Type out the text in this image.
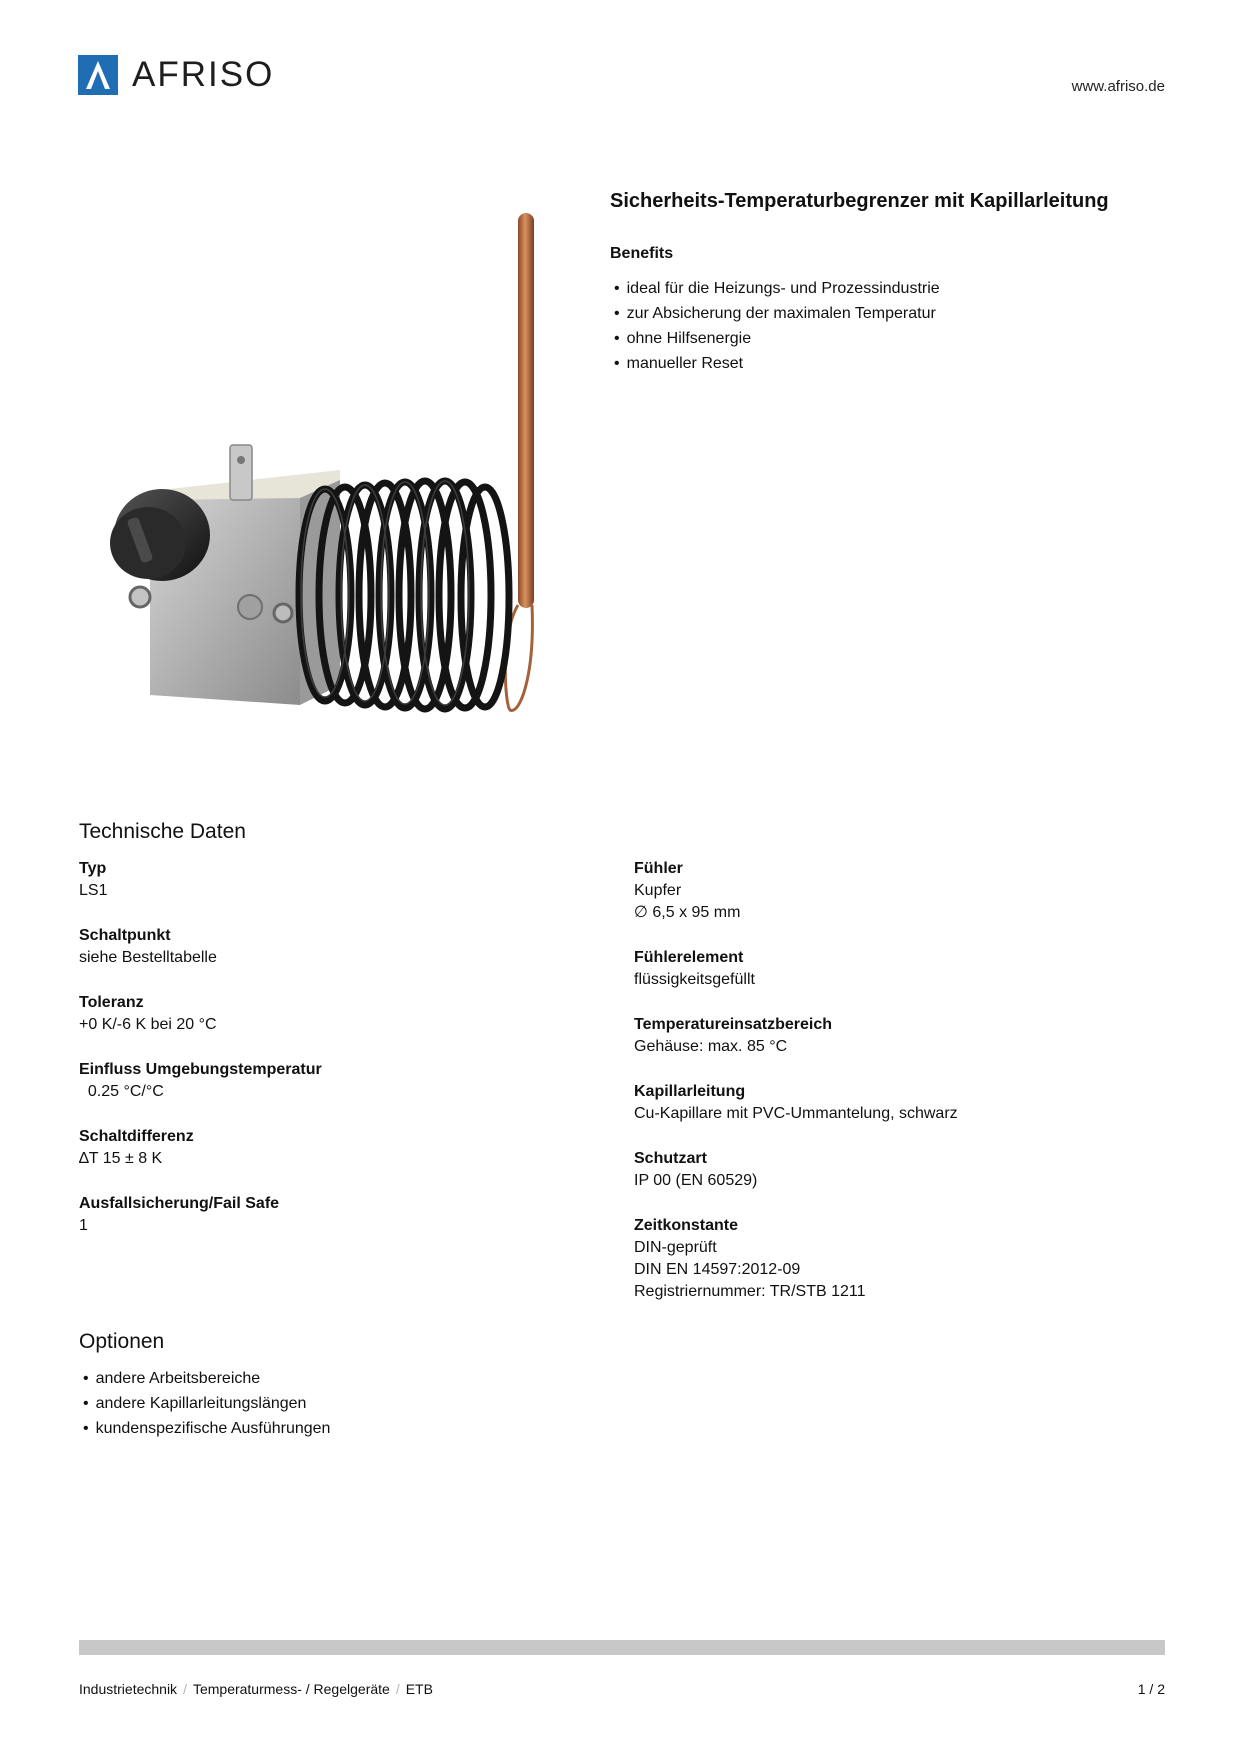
AFRISO	www.afriso.de
Sicherheits-Temperaturbegrenzer mit Kapillarleitung
Benefits
• ideal für die Heizungs- und Prozessindustrie
• zur Absicherung der maximalen Temperatur
• ohne Hilfsenergie
• manueller Reset
Technische Daten
Typ
LS1
Schaltpunkt
siehe Bestelltabelle
Toleranz
+0 K/-6 K bei 20 °C
Einfluss Umgebungstemperatur
0.25 °C/°C
Schaltdifferenz
∆T 15 ± 8 K
Ausfallsicherung/Fail Safe
1
Fühler
Kupfer
∅ 6,5 x 95 mm
Fühlerelement
flüssigkeitsgefüllt
Temperatureinsatzbereich
Gehäuse: max. 85 °C
Kapillarleitung
Cu-Kapillare mit PVC-Ummantelung, schwarz
Schutzart
IP 00 (EN 60529)
Zeitkonstante
DIN-geprüft
DIN EN 14597:2012-09
Registriernummer: TR/STB 1211
Optionen
• andere Arbeitsbereiche
• andere Kapillarleitungslängen
• kundenspezifische Ausführungen
Industrietechnik / Temperaturmess- / Regelgeräte / ETB	1 / 2
